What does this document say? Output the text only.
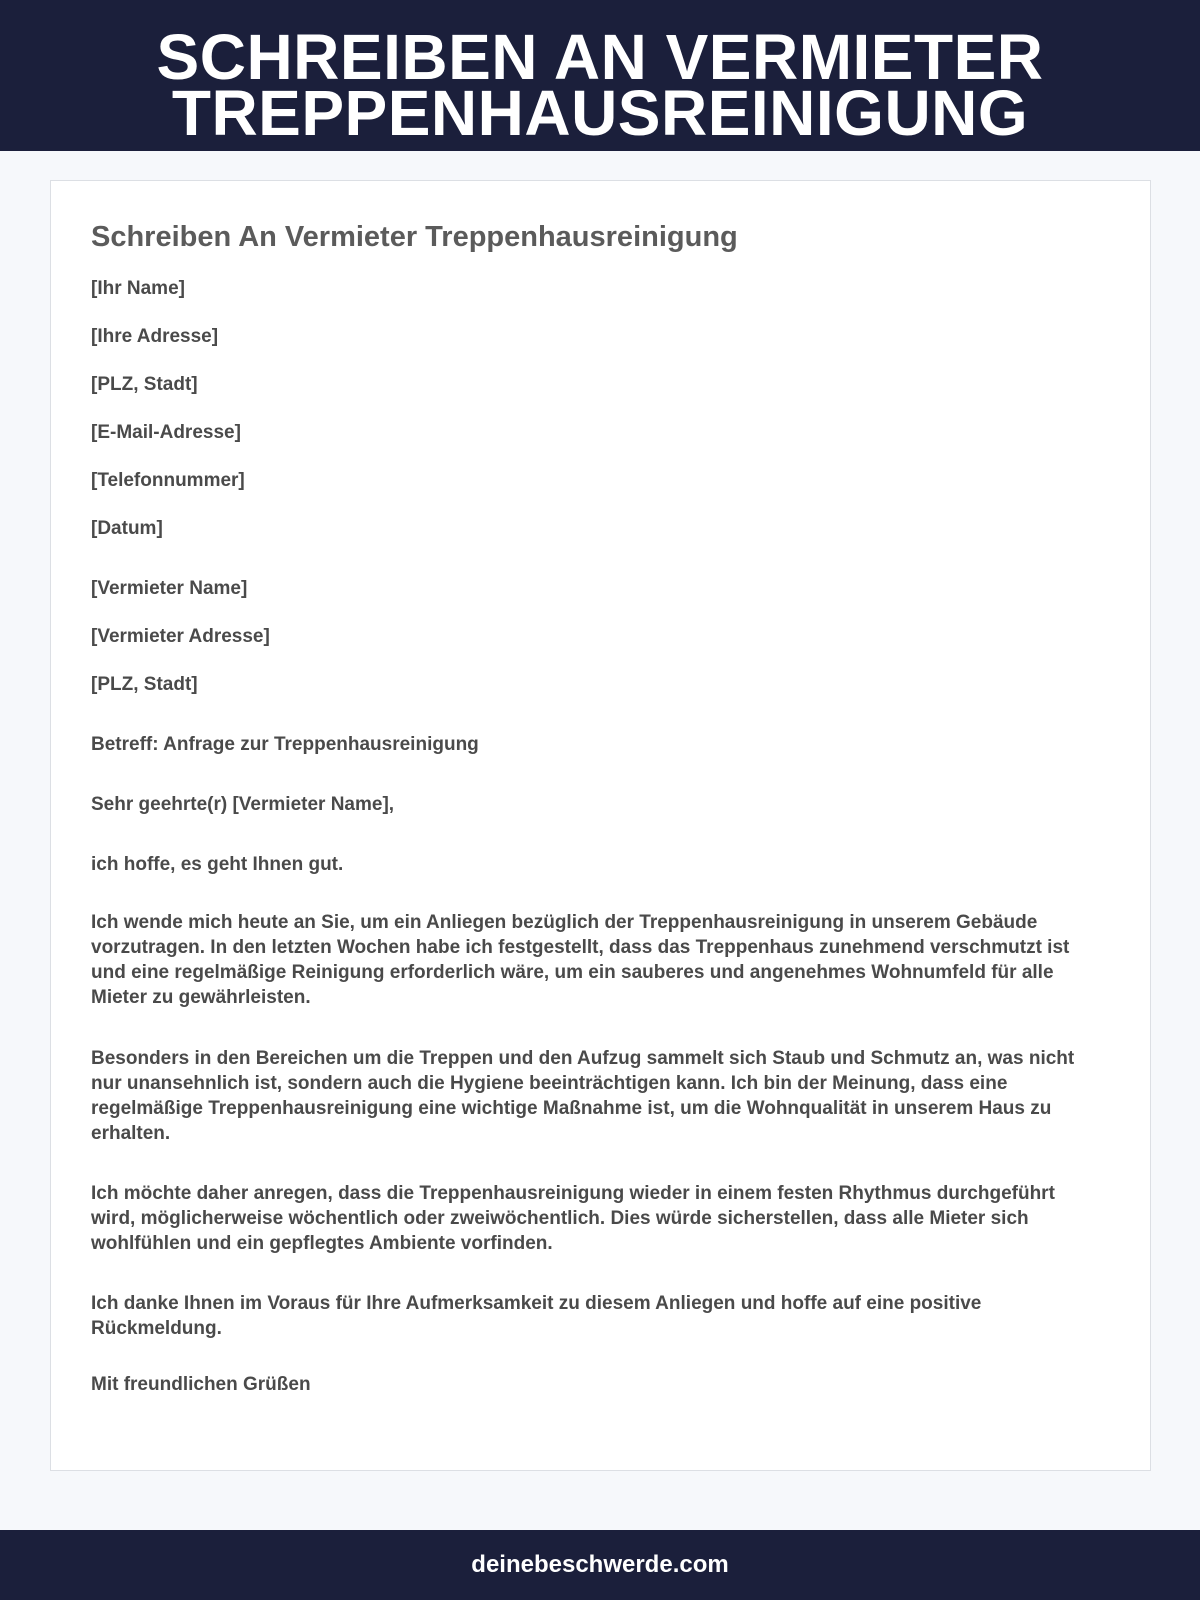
SCHREIBEN AN VERMIETER
TREPPENHAUSREINIGUNG
Schreiben An Vermieter Treppenhausreinigung
[Ihr Name]
[Ihre Adresse]
[PLZ, Stadt]
[E-Mail-Adresse]
[Telefonnummer]
[Datum]
[Vermieter Name]
[Vermieter Adresse]
[PLZ, Stadt]
Betreff: Anfrage zur Treppenhausreinigung
Sehr geehrte(r) [Vermieter Name],
ich hoffe, es geht Ihnen gut.
Ich wende mich heute an Sie, um ein Anliegen bezüglich der Treppenhausreinigung in unserem Gebäude vorzutragen. In den letzten Wochen habe ich festgestellt, dass das Treppenhaus zunehmend verschmutzt ist und eine regelmäßige Reinigung erforderlich wäre, um ein sauberes und angenehmes Wohnumfeld für alle Mieter zu gewährleisten.
Besonders in den Bereichen um die Treppen und den Aufzug sammelt sich Staub und Schmutz an, was nicht nur unansehnlich ist, sondern auch die Hygiene beeinträchtigen kann. Ich bin der Meinung, dass eine regelmäßige Treppenhausreinigung eine wichtige Maßnahme ist, um die Wohnqualität in unserem Haus zu erhalten.
Ich möchte daher anregen, dass die Treppenhausreinigung wieder in einem festen Rhythmus durchgeführt wird, möglicherweise wöchentlich oder zweiwöchentlich. Dies würde sicherstellen, dass alle Mieter sich wohlfühlen und ein gepflegtes Ambiente vorfinden.
Ich danke Ihnen im Voraus für Ihre Aufmerksamkeit zu diesem Anliegen und hoffe auf eine positive Rückmeldung.
Mit freundlichen Grüßen
deinebeschwerde.com
